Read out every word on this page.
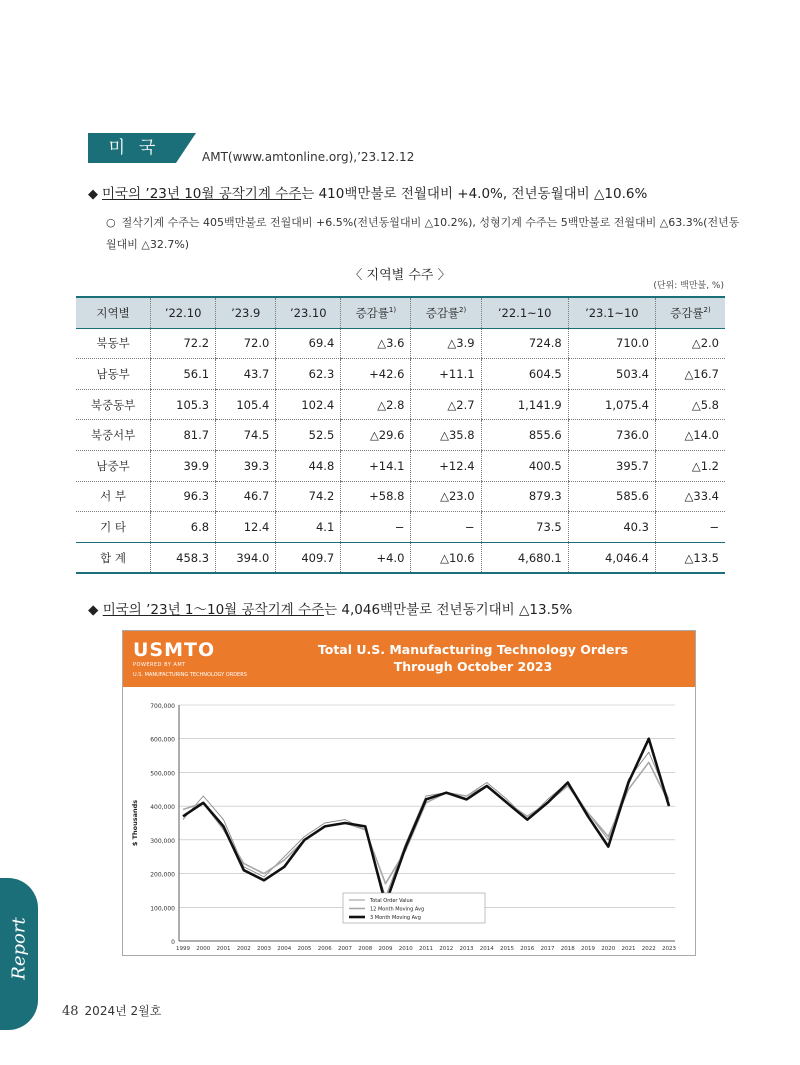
미국	AMT(www.amtonline.org),’23.12.12
◆ 미국의 ’23년 10월 공작기계 수주는 410백만불로 전월대비 +4.0%, 전년동월대비 △10.6%
○ 절삭기계 수주는 405백만불로 전월대비 +6.5%(전년동월대비 △10.2%), 성형기계 수주는 5백만불로 전월대비 △63.3%(전년동월대비 △32.7%)
〈 지역별 수주 〉
(단위: 백만불, %)
지역별	’22.10	’23.9	’23.10	증감률$^{1)}$	증감률$^{2)}$	’22.1~10	’23.1~10	증감률$^{2)}$
북동부	72.2	72.0	69.4	△3.6	△3.9	724.8	710.0	△2.0
남동부	56.1	43.7	62.3	+42.6	+11.1	604.5	503.4	△16.7
북중동부	105.3	105.4	102.4	△2.8	△2.7	1,141.9	1,075.4	△5.8
북중서부	81.7	74.5	52.5	△29.6	△35.8	855.6	736.0	△14.0
남중부	39.9	39.3	44.8	+14.1	+12.4	400.5	395.7	△1.2
서 부	96.3	46.7	74.2	+58.8	△23.0	879.3	585.6	△33.4
기 타	6.8	12.4	4.1	−	−	73.5	40.3	−
합 계	458.3	394.0	409.7	+4.0	△10.6	4,680.1	4,046.4	△13.5
◆ 미국의 ’23년 1～10월 공작기계 수주는 4,046백만불로 전년동기대비 △13.5%
USMTO
POWERED BY AMT
U.S. MANUFACTURING TECHNOLOGY ORDERS
Total U.S. Manufacturing Technology Orders
Through October 2023
0
100,000
200,000
300,000
400,000
500,000
600,000
700,000
1999 2000 2001 2002 2003 2004 2005 2006 2007 2008 2009 2010 2011 2012 2013 2014 2015 2016 2017 2018 2019 2020 2021 2022 2023
$ Thousands
Total Order Value
12 Month Moving Avg
3 Month Moving Avg
Report
48 2024년 2월호
